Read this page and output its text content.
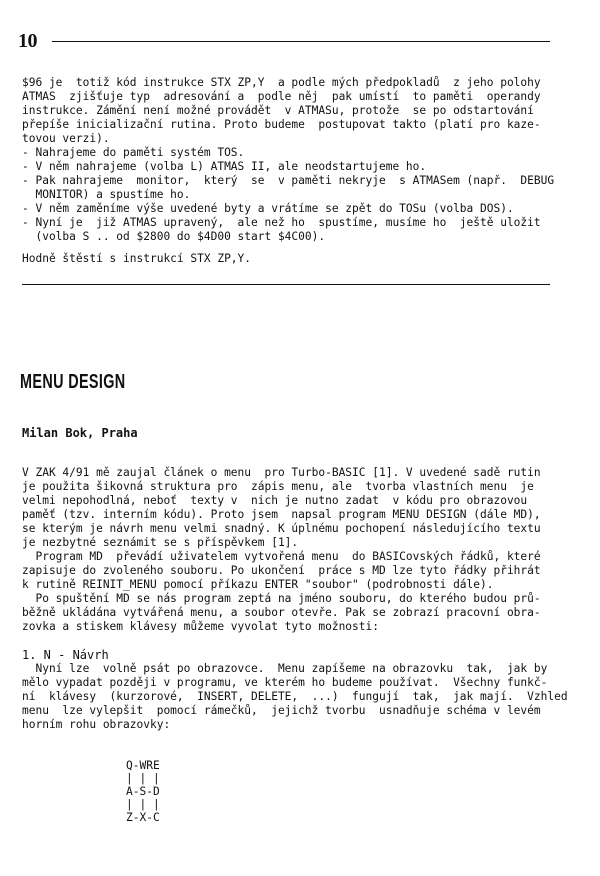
10
$96 je  totiž kód instrukce STX ZP,Y  a podle mých předpokladů  z jeho polohy
ATMAS  zjišťuje typ  adresování a  podle něj  pak umístí  to paměti  operandy
instrukce. Zámění není možné provádět  v ATMASu, protože  se po odstartování
přepíše inicializační rutina. Proto budeme  postupovat takto (platí pro kaze-
tovou verzi).
- Nahrajeme do paměti systém TOS.
- V něm nahrajeme (volba L) ATMAS II, ale neodstartujeme ho.
- Pak nahrajeme  monitor,  který  se  v paměti nekryje  s ATMASem (např.  DEBUG
MONITOR) a spustíme ho.
- V něm zaměníme výše uvedené byty a vrátíme se zpět do TOSu (volba DOS).
- Nyní je  již ATMAS upravený,  ale než ho  spustíme, musíme ho  ještě uložit
(volba S .. od $2800 do $4D00 start $4C00).
Hodně štěstí s instrukcí STX ZP,Y.
MENU DESIGN
Milan Bok, Praha
V ZAK 4/91 mě zaujal článek o menu  pro Turbo-BASIC [1]. V uvedené sadě rutin
je použita šikovná struktura pro  zápis menu, ale  tvorba vlastních menu  je
velmi nepohodlná, neboť  texty v  nich je nutno zadat  v kódu pro obrazovou
paměť (tzv. interním kódu). Proto jsem  napsal program MENU DESIGN (dále MD),
se kterým je návrh menu velmi snadný. K úplnému pochopení následujícího textu
je nezbytné seznámit se s příspěvkem [1].
Program MD  převádí uživatelem vytvořená menu  do BASICovských řádků, které
zapisuje do zvoleného souboru. Po ukončení  práce s MD lze tyto řádky přihrát
k rutině REINIT_MENU pomocí příkazu ENTER "soubor" (podrobnosti dále).
Po spuštění MD se nás program zeptá na jméno souboru, do kterého budou prů-
běžně ukládána vytvářená menu, a soubor otevře. Pak se zobrazí pracovní obra-
zovka a stiskem klávesy můžeme vyvolat tyto možnosti:
1. N - Návrh
Nyní lze  volně psát po obrazovce.  Menu zapíšeme na obrazovku  tak,  jak by
mělo vypadat později v programu, ve kterém ho budeme používat.  Všechny funkč-
ní  klávesy  (kurzorové,  INSERT, DELETE,  ...)  fungují  tak,  jak mají.  Vzhled
menu  lze vylepšit  pomocí rámečků,  jejichž tvorbu  usnadňuje schéma v levém
horním rohu obrazovky:
Q-WRE
| | |
A-S-D
| | |
Z-X-C
